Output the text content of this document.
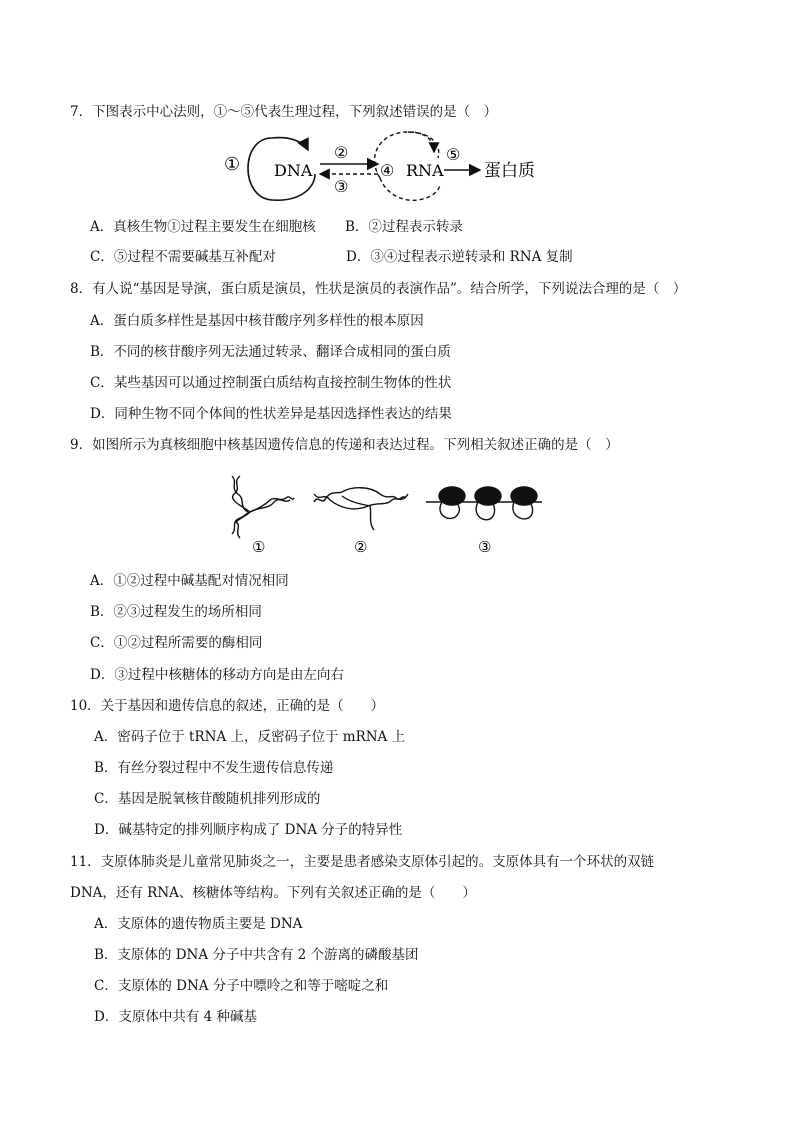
7．下图表示中心法则，①～⑤代表生理过程，下列叙述错误的是（　）
① DNA
②
③
④ RNA
⑤
蛋白质
A．真核生物①过程主要发生在细胞核 B．②过程表示转录
C．⑤过程不需要碱基互补配对	D．③④过程表示逆转录和 RNA 复制
8．有人说“基因是导演，蛋白质是演员，性状是演员的表演作品”。结合所学，下列说法合理的是（　）
A．蛋白质多样性是基因中核苷酸序列多样性的根本原因
B．不同的核苷酸序列无法通过转录、翻译合成相同的蛋白质
C．某些基因可以通过控制蛋白质结构直接控制生物体的性状
D．同种生物不同个体间的性状差异是基因选择性表达的结果
9．如图所示为真核细胞中核基因遗传信息的传递和表达过程。下列相关叙述正确的是（　）
①	②	③
A．①②过程中碱基配对情况相同
B．②③过程发生的场所相同
C．①②过程所需要的酶相同
D．③过程中核糖体的移动方向是由左向右
10．关于基因和遗传信息的叙述，正确的是（　　）
A．密码子位于 tRNA 上，反密码子位于 mRNA 上
B．有丝分裂过程中不发生遗传信息传递
C．基因是脱氧核苷酸随机排列形成的
D．碱基特定的排列顺序构成了 DNA 分子的特异性
11．支原体肺炎是儿童常见肺炎之一，主要是患者感染支原体引起的。支原体具有一个环状的双链
DNA，还有 RNA、核糖体等结构。下列有关叙述正确的是（　　）
A．支原体的遗传物质主要是 DNA
B．支原体的 DNA 分子中共含有 2 个游离的磷酸基团
C．支原体的 DNA 分子中嘌呤之和等于嘧啶之和
D．支原体中共有 4 种碱基
